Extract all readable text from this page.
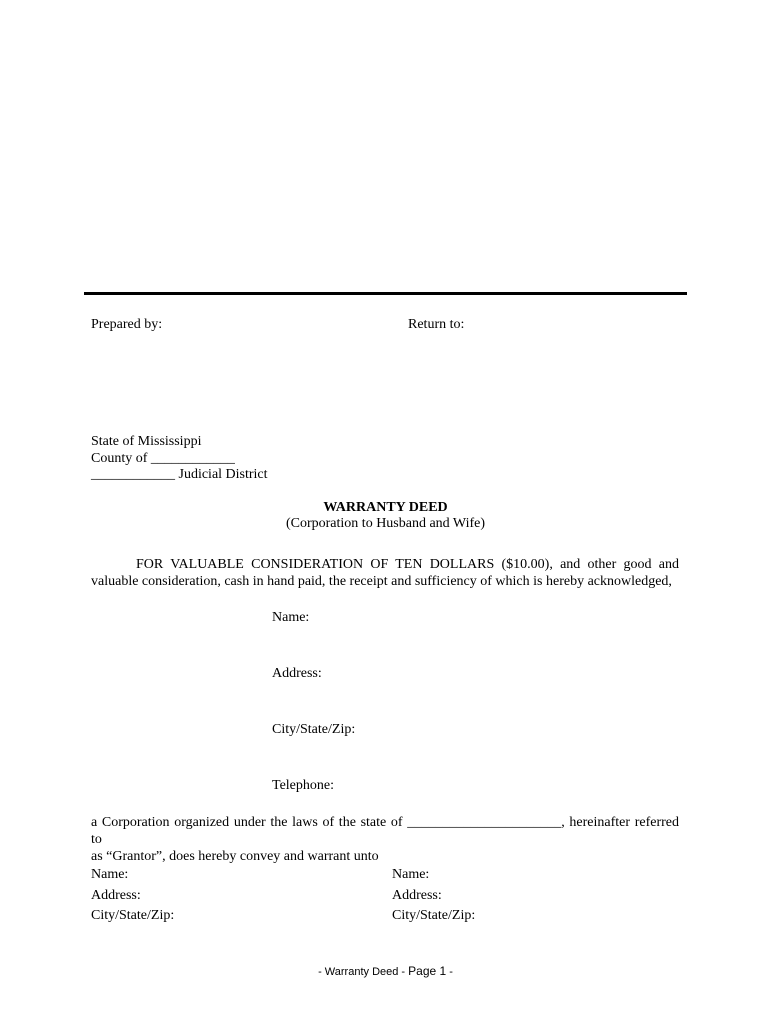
Prepared by:	Return to:
State of Mississippi
County of ____________
____________ Judicial District
WARRANTY DEED
(Corporation to Husband and Wife)
FOR VALUABLE CONSIDERATION OF TEN DOLLARS ($10.00), and other good and
valuable consideration, cash in hand paid, the receipt and sufficiency of which is hereby acknowledged,
Name:
Address:
City/State/Zip:
Telephone:
a Corporation organized under the laws of the state of ______________________, hereinafter referred to
as “Grantor”, does hereby convey and warrant unto
Name:
Address:
City/State/Zip:
Name:
Address:
City/State/Zip:
- Warranty Deed - Page 1 -
